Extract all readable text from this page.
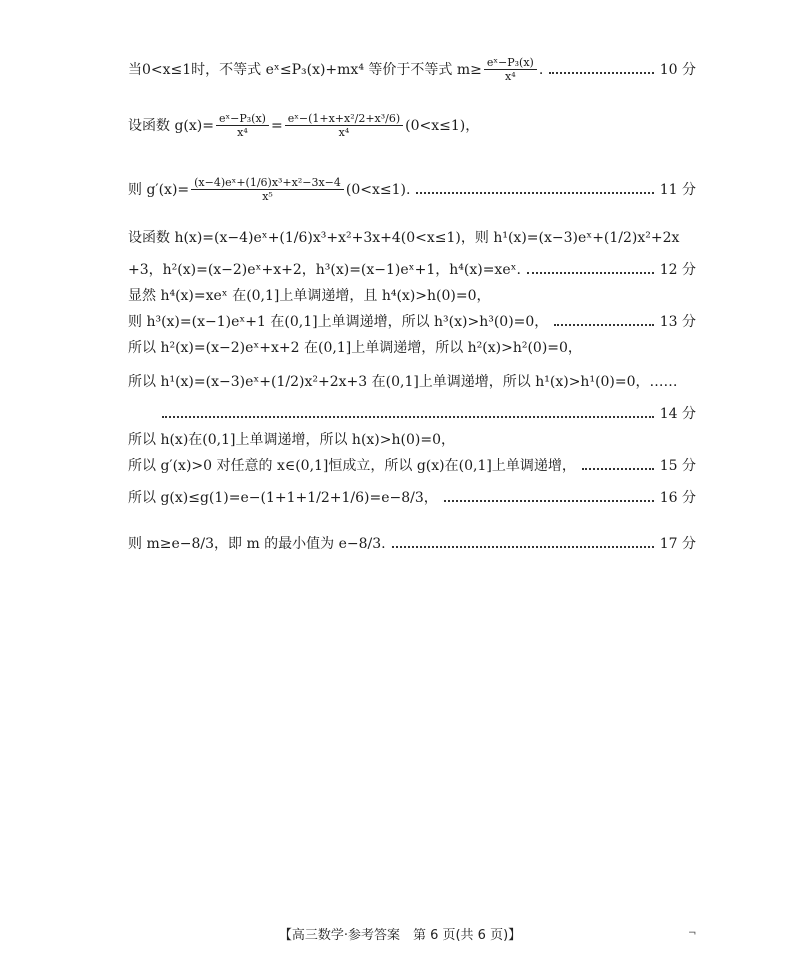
当0<x≤1时，不等式 eˣ≤P₃(x)+mx⁴ 等价于不等式 $m\ge \frac{\text{eˣ−P₃(x)}}{\text{x⁴}}$ .	10 分
设函数 $g(x)= \frac{\text{eˣ−P₃(x)}}{\text{x⁴}} = \frac{\text{eˣ−(1+x+x²/2+x³/6)}}{\text{x⁴}} (0<x\le 1)$，
则 $g'(x)= \frac{\text{(x−4)eˣ+(1/6)x³+x²−3x−4}}{\text{x⁵}} (0<x\le 1)$.	11 分
设函数 h(x)=(x−4)eˣ+(1/6)x³+x²+3x+4(0<x≤1)，则 h¹(x)=(x−3)eˣ+(1/2)x²+2x
+3，h²(x)=(x−2)eˣ+x+2，h³(x)=(x−1)eˣ+1，h⁴(x)=xeˣ.	12 分
显然 h⁴(x)=xeˣ 在(0,1]上单调递增，且 h⁴(x)>h(0)=0，
则 h³(x)=(x−1)eˣ+1 在(0,1]上单调递增，所以 h³(x)>h³(0)=0，	13 分
所以 h²(x)=(x−2)eˣ+x+2 在(0,1]上单调递增，所以 h²(x)>h²(0)=0，
所以 h¹(x)=(x−3)eˣ+(1/2)x²+2x+3 在(0,1]上单调递增，所以 h¹(x)>h¹(0)=0，……
14 分
所以 h(x)在(0,1]上单调递增，所以 h(x)>h(0)=0，
所以 g′(x)>0 对任意的 x∈(0,1]恒成立，所以 g(x)在(0,1]上单调递增，	15 分
所以 g(x)≤g(1)=e−(1+1+1/2+1/6)=e−8/3，	16 分
则 m≥e−8/3，即 m 的最小值为 e−8/3.	17 分
【高三数学·参考答案　第 6 页(共 6 页)】	¬
